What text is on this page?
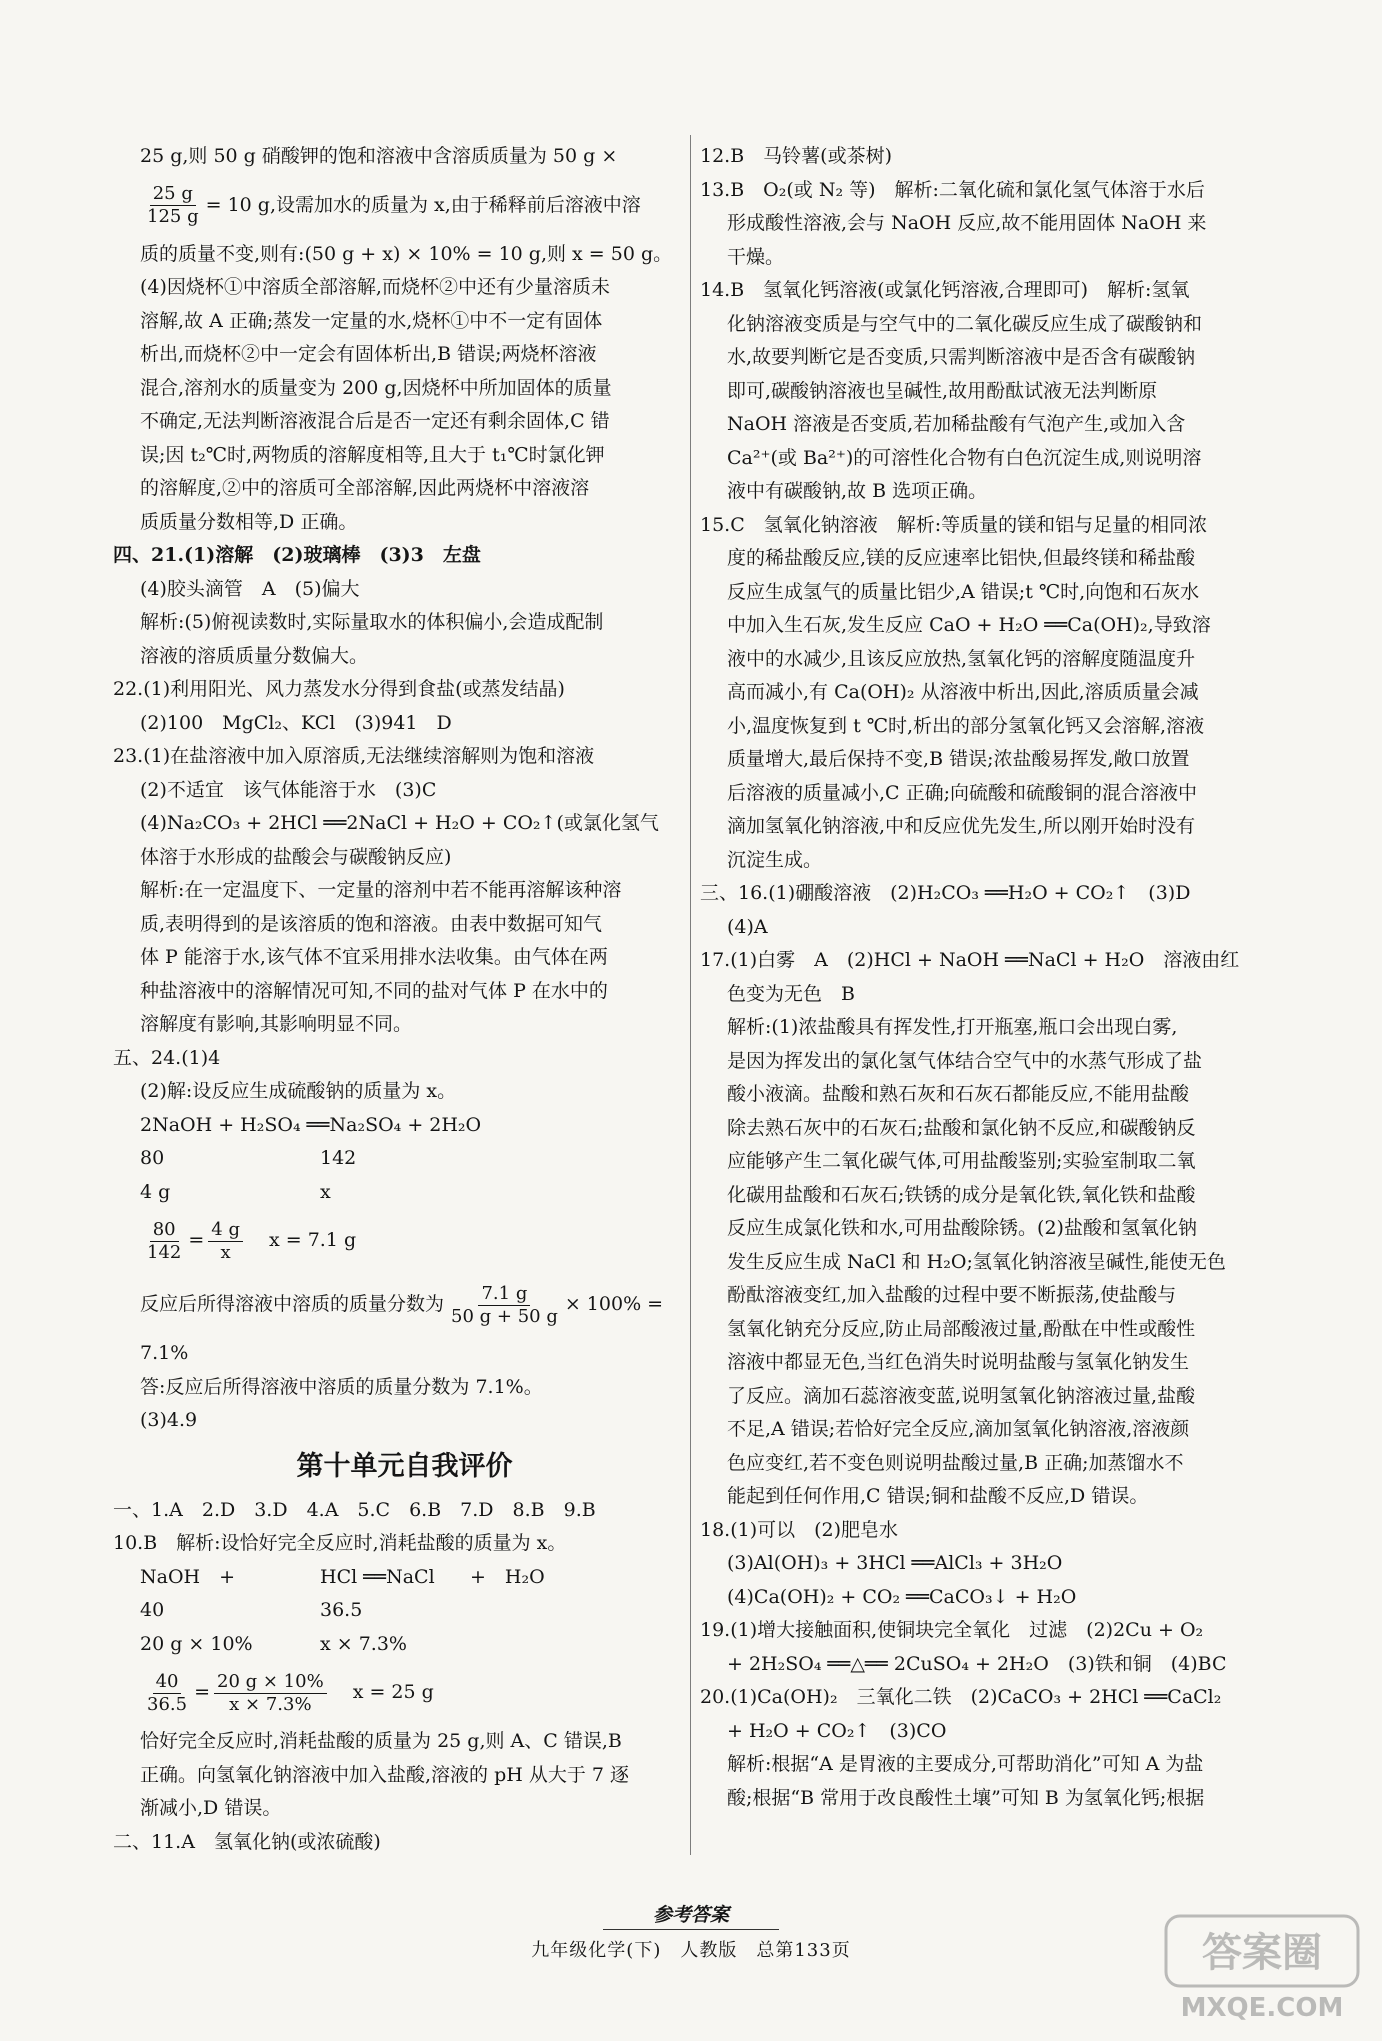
25 g,则 50 g 硝酸钾的饱和溶液中含溶质质量为 50 g ×
$\frac{25 g}{125 g} = 10$ g,设需加水的质量为 x,由于稀释前后溶液中溶
质的质量不变,则有:(50 g + x) × 10% = 10 g,则 x = 50 g。
(4)因烧杯①中溶质全部溶解,而烧杯②中还有少量溶质未
溶解,故 A 正确;蒸发一定量的水,烧杯①中不一定有固体
析出,而烧杯②中一定会有固体析出,B 错误;两烧杯溶液
混合,溶剂水的质量变为 200 g,因烧杯中所加固体的质量
不确定,无法判断溶液混合后是否一定还有剩余固体,C 错
误;因 t₂℃时,两物质的溶解度相等,且大于 t₁℃时氯化钾
的溶解度,②中的溶质可全部溶解,因此两烧杯中溶液溶
质质量分数相等,D 正确。
四、21.(1)溶解　(2)玻璃棒　(3)3　左盘
(4)胶头滴管　A　(5)偏大
解析:(5)俯视读数时,实际量取水的体积偏小,会造成配制
溶液的溶质质量分数偏大。
22.(1)利用阳光、风力蒸发水分得到食盐(或蒸发结晶)
(2)100　MgCl₂、KCl　(3)941　D
23.(1)在盐溶液中加入原溶质,无法继续溶解则为饱和溶液
(2)不适宜　该气体能溶于水　(3)C
(4)Na₂CO₃ + 2HCl ══2NaCl + H₂O + CO₂↑(或氯化氢气
体溶于水形成的盐酸会与碳酸钠反应)
解析:在一定温度下、一定量的溶剂中若不能再溶解该种溶
质,表明得到的是该溶质的饱和溶液。由表中数据可知气
体 P 能溶于水,该气体不宜采用排水法收集。由气体在两
种盐溶液中的溶解情况可知,不同的盐对气体 P 在水中的
溶解度有影响,其影响明显不同。
五、24.(1)4
(2)解:设反应生成硫酸钠的质量为 x。
2NaOH + H₂SO₄ ══Na₂SO₄ + 2H₂O
80	142
4 g	x
$\frac{80}{142} = \frac{4 g}{x}$ x = 7.1 g
反应后所得溶液中溶质的质量分数为 $\frac{7.1 g}{50 g + 50 g} \times 100\%$ =
7.1%
答:反应后所得溶液中溶质的质量分数为 7.1%。
(3)4.9
第十单元自我评价
一、1.A　2.D　3.D　4.A　5.C　6.B　7.D　8.B　9.B
10.B　解析:设恰好完全反应时,消耗盐酸的质量为 x。
NaOH　+	HCl ══NaCl	+　H₂O
40	36.5
20 g × 10%	x × 7.3%
$\frac{40}{36.5} = \frac{20 g \times 10\%}{x \times 7.3\%}$ x = 25 g
恰好完全反应时,消耗盐酸的质量为 25 g,则 A、C 错误,B
正确。向氢氧化钠溶液中加入盐酸,溶液的 pH 从大于 7 逐
渐减小,D 错误。
二、11.A　氢氧化钠(或浓硫酸)
12.B　马铃薯(或茶树)
13.B　O₂(或 N₂ 等)　解析:二氧化硫和氯化氢气体溶于水后
形成酸性溶液,会与 NaOH 反应,故不能用固体 NaOH 来
干燥。
14.B　氢氧化钙溶液(或氯化钙溶液,合理即可)　解析:氢氧
化钠溶液变质是与空气中的二氧化碳反应生成了碳酸钠和
水,故要判断它是否变质,只需判断溶液中是否含有碳酸钠
即可,碳酸钠溶液也呈碱性,故用酚酞试液无法判断原
NaOH 溶液是否变质,若加稀盐酸有气泡产生,或加入含
Ca²⁺(或 Ba²⁺)的可溶性化合物有白色沉淀生成,则说明溶
液中有碳酸钠,故 B 选项正确。
15.C　氢氧化钠溶液　解析:等质量的镁和铝与足量的相同浓
度的稀盐酸反应,镁的反应速率比铝快,但最终镁和稀盐酸
反应生成氢气的质量比铝少,A 错误;t ℃时,向饱和石灰水
中加入生石灰,发生反应 CaO + H₂O ══Ca(OH)₂,导致溶
液中的水减少,且该反应放热,氢氧化钙的溶解度随温度升
高而减小,有 Ca(OH)₂ 从溶液中析出,因此,溶质质量会减
小,温度恢复到 t ℃时,析出的部分氢氧化钙又会溶解,溶液
质量增大,最后保持不变,B 错误;浓盐酸易挥发,敞口放置
后溶液的质量减小,C 正确;向硫酸和硫酸铜的混合溶液中
滴加氢氧化钠溶液,中和反应优先发生,所以刚开始时没有
沉淀生成。
三、16.(1)硼酸溶液　(2)H₂CO₃ ══H₂O + CO₂↑　(3)D
(4)A
17.(1)白雾　A　(2)HCl + NaOH ══NaCl + H₂O　溶液由红
色变为无色　B
解析:(1)浓盐酸具有挥发性,打开瓶塞,瓶口会出现白雾,
是因为挥发出的氯化氢气体结合空气中的水蒸气形成了盐
酸小液滴。盐酸和熟石灰和石灰石都能反应,不能用盐酸
除去熟石灰中的石灰石;盐酸和氯化钠不反应,和碳酸钠反
应能够产生二氧化碳气体,可用盐酸鉴别;实验室制取二氧
化碳用盐酸和石灰石;铁锈的成分是氧化铁,氧化铁和盐酸
反应生成氯化铁和水,可用盐酸除锈。(2)盐酸和氢氧化钠
发生反应生成 NaCl 和 H₂O;氢氧化钠溶液呈碱性,能使无色
酚酞溶液变红,加入盐酸的过程中要不断振荡,使盐酸与
氢氧化钠充分反应,防止局部酸液过量,酚酞在中性或酸性
溶液中都显无色,当红色消失时说明盐酸与氢氧化钠发生
了反应。滴加石蕊溶液变蓝,说明氢氧化钠溶液过量,盐酸
不足,A 错误;若恰好完全反应,滴加氢氧化钠溶液,溶液颜
色应变红,若不变色则说明盐酸过量,B 正确;加蒸馏水不
能起到任何作用,C 错误;铜和盐酸不反应,D 错误。
18.(1)可以　(2)肥皂水
(3)Al(OH)₃ + 3HCl ══AlCl₃ + 3H₂O
(4)Ca(OH)₂ + CO₂ ══CaCO₃↓ + H₂O
19.(1)增大接触面积,使铜块完全氧化　过滤　(2)2Cu + O₂
+ 2H₂SO₄ ══△══ 2CuSO₄ + 2H₂O　(3)铁和铜　(4)BC
20.(1)Ca(OH)₂　三氧化二铁　(2)CaCO₃ + 2HCl ══CaCl₂
+ H₂O + CO₂↑　(3)CO
解析:根据“A 是胃液的主要成分,可帮助消化”可知 A 为盐
酸;根据“B 常用于改良酸性土壤”可知 B 为氢氧化钙;根据
参考答案
九年级化学(下)　人教版　总第133页	答案圈
MXQE.COM
